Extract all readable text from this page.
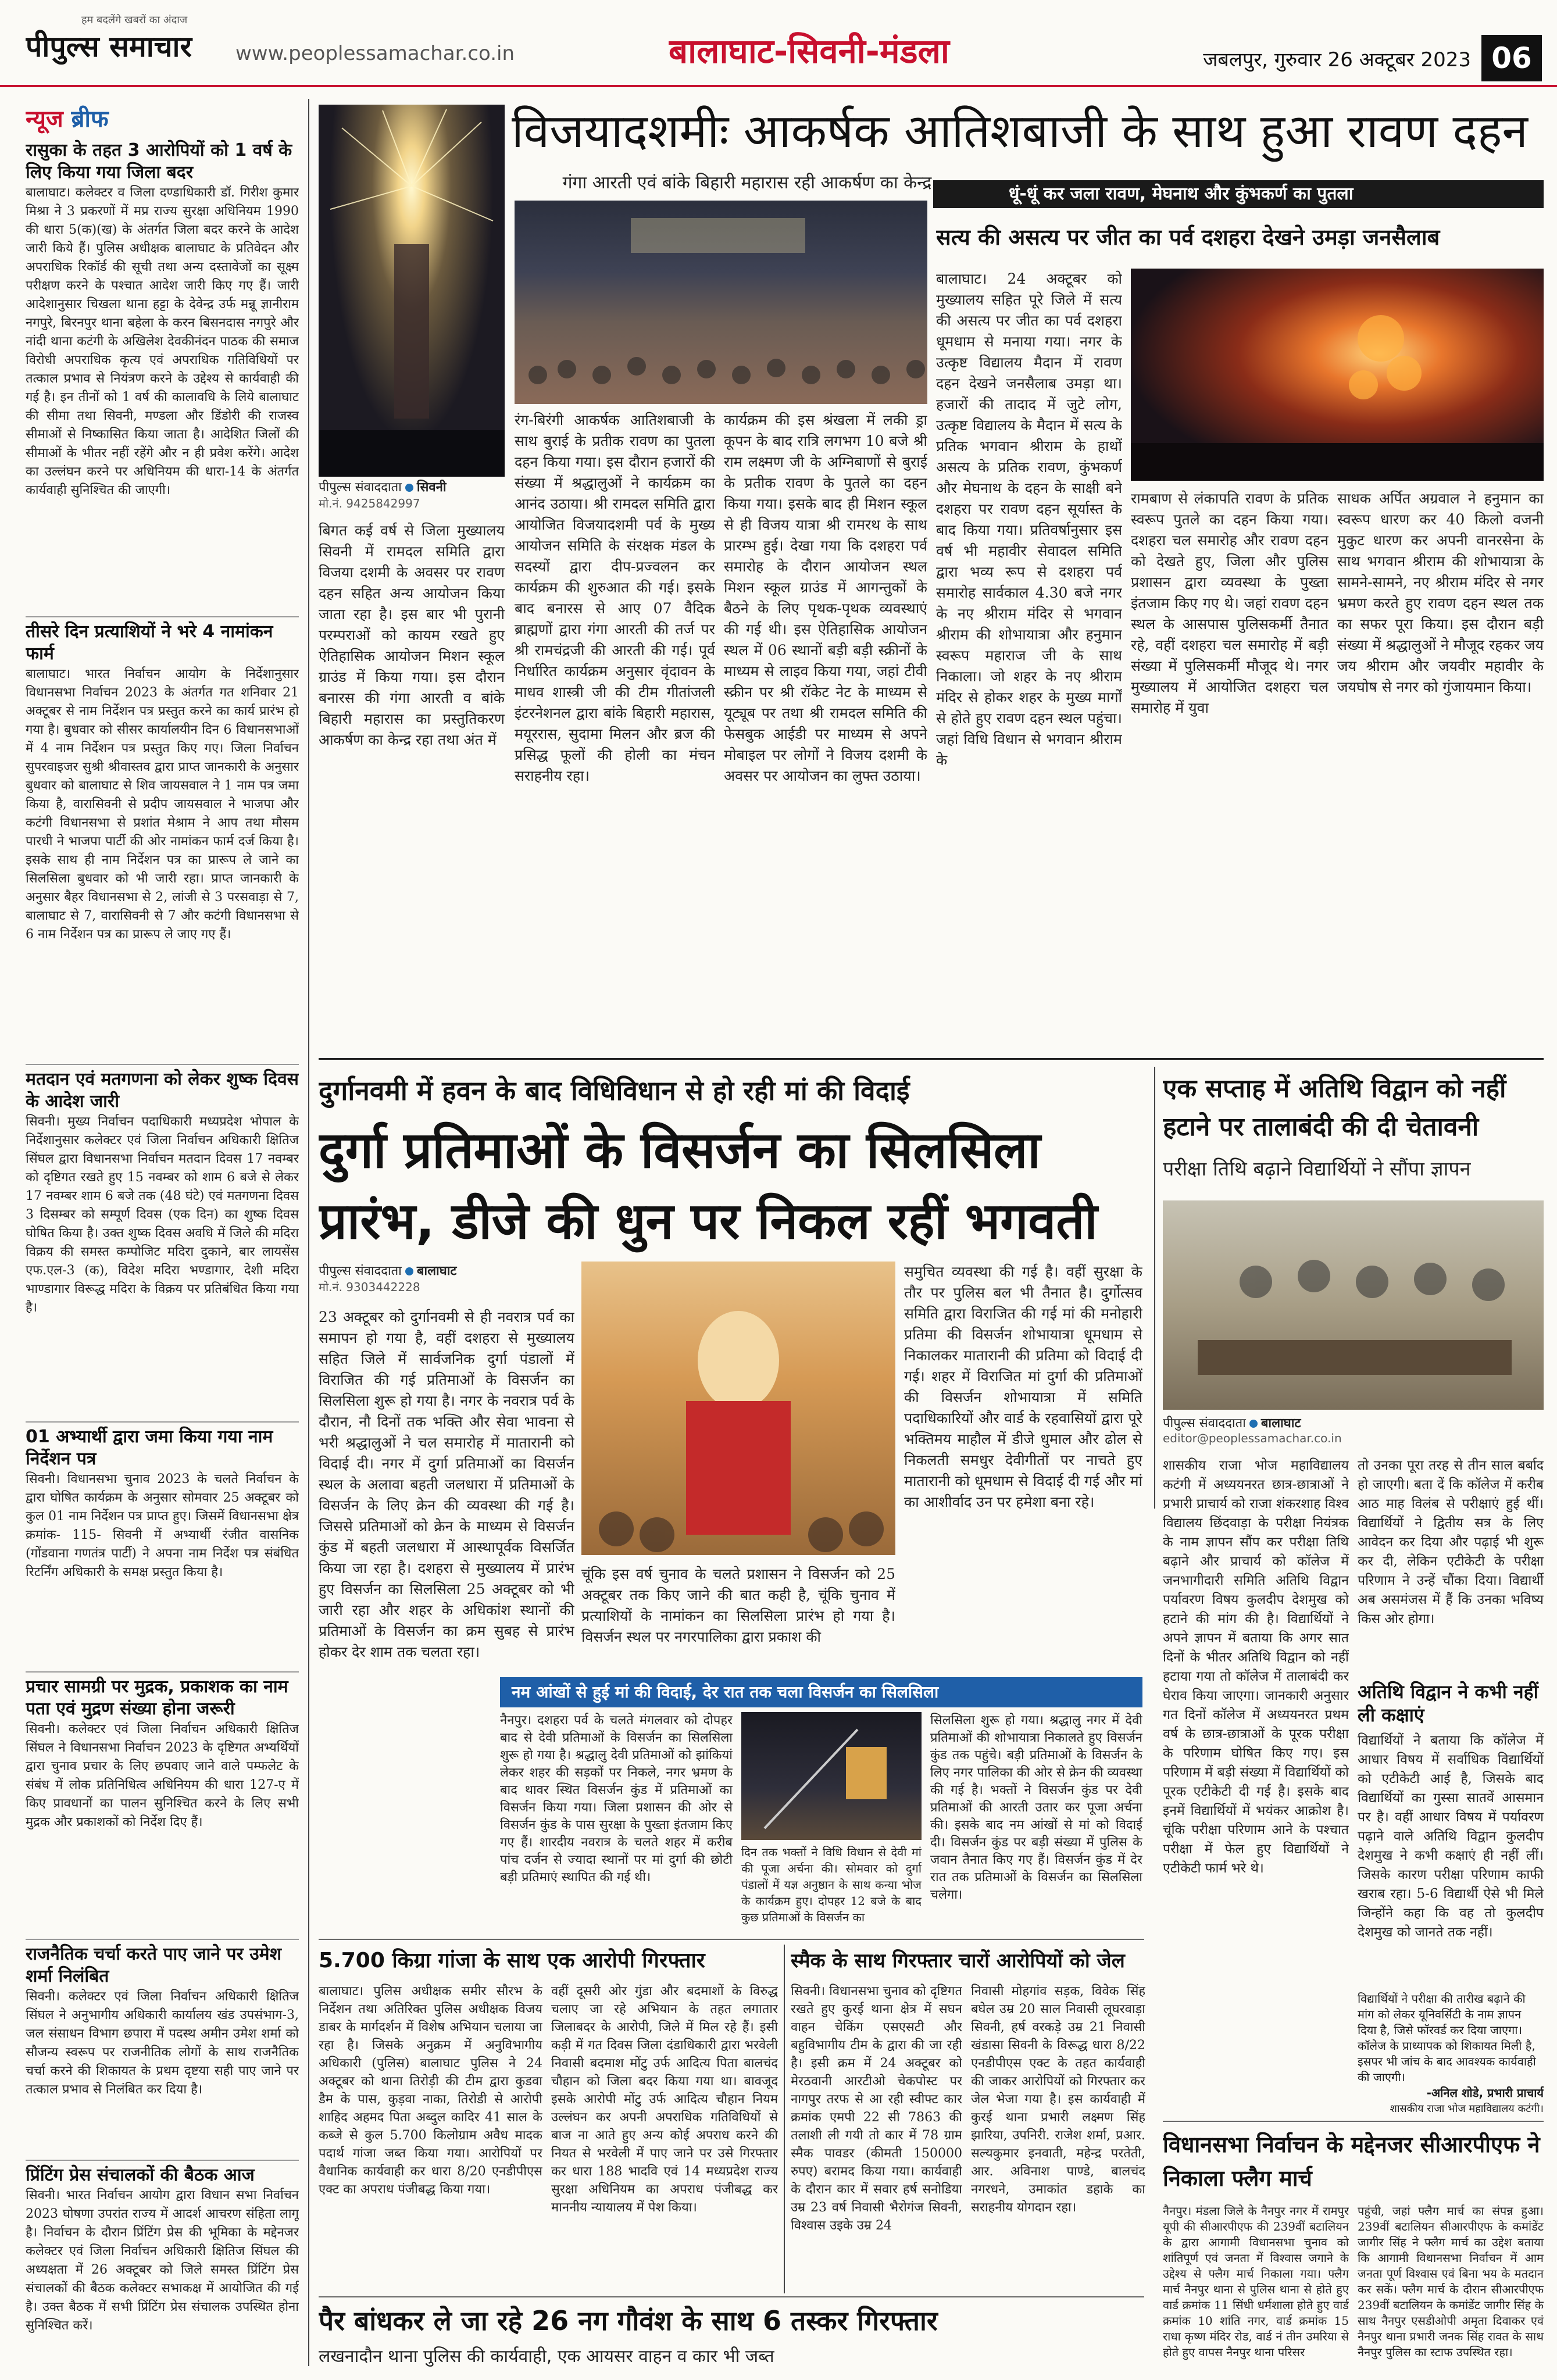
पीपुल्स समाचार
हम बदलेंगे खबरों का अंदाज
www.peoplessamachar.co.in	बालाघाट-सिवनी-मंडला	जबलपुर, गुरुवार 26 अक्टूबर 2023 06
न्यूज ब्रीफ
रासुका के तहत 3 आरोपियों को 1 वर्ष के लिए किया गया जिला बदर
बालाघाट। कलेक्टर व जिला दण्डाधिकारी डॉ. गिरीश कुमार मिश्रा ने 3 प्रकरणों में मप्र राज्य सुरक्षा अधिनियम 1990 की धारा 5(क)(ख) के अंतर्गत जिला बदर करने के आदेश जारी किये हैं। पुलिस अधीक्षक बालाघाट के प्रतिवेदन और अपराधिक रिकॉर्ड की सूची तथा अन्य दस्तावेजों का सूक्ष्म परीक्षण करने के पश्चात आदेश जारी किए गए हैं। जारी आदेशानुसार चिखला थाना हट्टा के देवेन्द्र उर्फ मन्नू ज्ञानीराम नगपुरे, बिरनपुर थाना बहेला के करन बिसनदास नगपुरे और नांदी थाना कटंगी के अखिलेश देवकीनंदन पाठक की समाज विरोधी अपराधिक कृत्य एवं अपराधिक गतिविधियों पर तत्काल प्रभाव से नियंत्रण करने के उद्देश्य से कार्यवाही की गई है। इन तीनों को 1 वर्ष की कालावधि के लिये बालाघाट की सीमा तथा सिवनी, मण्डला और डिंडोरी की राजस्व सीमाओं से निष्कासित किया जाता है। आदेशित जिलों की सीमाओं के भीतर नहीं रहेंगे और न ही प्रवेश करेंगे। आदेश का उल्लंघन करने पर अधिनियम की धारा-14 के अंतर्गत कार्यवाही सुनिश्चित की जाएगी।
तीसरे दिन प्रत्याशियों ने भरे 4 नामांकन फार्म
बालाघाट। भारत निर्वाचन आयोग के निर्देशानुसार विधानसभा निर्वाचन 2023 के अंतर्गत गत शनिवार 21 अक्टूबर से नाम निर्देशन पत्र प्रस्तुत करने का कार्य प्रारंभ हो गया है। बुधवार को सीसर कार्यालयीन दिन 6 विधानसभाओं में 4 नाम निर्देशन पत्र प्रस्तुत किए गए। जिला निर्वाचन सुपरवाइजर सुश्री श्रीवास्तव द्वारा प्राप्त जानकारी के अनुसार बुधवार को बालाघाट से शिव जायसवाल ने 1 नाम पत्र जमा किया है, वारासिवनी से प्रदीप जायसवाल ने भाजपा और कटंगी विधानसभा से प्रशांत मेश्राम ने आप तथा मौसम पारधी ने भाजपा पार्टी की ओर नामांकन फार्म दर्ज किया है। इसके साथ ही नाम निर्देशन पत्र का प्रारूप ले जाने का सिलसिला बुधवार को भी जारी रहा। प्राप्त जानकारी के अनुसार बैहर विधानसभा से 2, लांजी से 3 परसवाड़ा से 7, बालाघाट से 7, वारासिवनी से 7 और कटंगी विधानसभा से 6 नाम निर्देशन पत्र का प्रारूप ले जाए गए हैं।
मतदान एवं मतगणना को लेकर शुष्क दिवस के आदेश जारी
सिवनी। मुख्य निर्वाचन पदाधिकारी मध्यप्रदेश भोपाल के निर्देशानुसार कलेक्टर एवं जिला निर्वाचन अधिकारी क्षितिज सिंघल द्वारा विधानसभा निर्वाचन मतदान दिवस 17 नवम्बर को दृष्टिगत रखते हुए 15 नवम्बर को शाम 6 बजे से लेकर 17 नवम्बर शाम 6 बजे तक (48 घंटे) एवं मतगणना दिवस 3 दिसम्बर को सम्पूर्ण दिवस (एक दिन) का शुष्क दिवस घोषित किया है। उक्त शुष्क दिवस अवधि में जिले की मदिरा विक्रय की समस्त कम्पोजिट मदिरा दुकाने, बार लायसेंस एफ.एल-3 (क), विदेश मदिरा भण्डागार, देशी मदिरा भाण्डागार विरूद्ध मदिरा के विक्रय पर प्रतिबंधित किया गया है।
01 अभ्यार्थी द्वारा जमा किया गया नाम निर्देशन पत्र
सिवनी। विधानसभा चुनाव 2023 के चलते निर्वाचन के द्वारा घोषित कार्यक्रम के अनुसार सोमवार 25 अक्टूबर को कुल 01 नाम निर्देशन पत्र प्राप्त हुए। जिसमें विधानसभा क्षेत्र क्रमांक- 115- सिवनी में अभ्यार्थी रंजीत वासनिक (गोंडवाना गणतंत्र पार्टी) ने अपना नाम निर्देश पत्र संबंधित रिटर्निंग अधिकारी के समक्ष प्रस्तुत किया है।
प्रचार सामग्री पर मुद्रक, प्रकाशक का नाम पता एवं मुद्रण संख्या होना जरूरी
सिवनी। कलेक्टर एवं जिला निर्वाचन अधिकारी क्षितिज सिंघल ने विधानसभा निर्वाचन 2023 के दृष्टिगत अभ्यर्थियों द्वारा चुनाव प्रचार के लिए छपवाए जाने वाले पम्फलेट के संबंध में लोक प्रतिनिधित्व अधिनियम की धारा 127-ए में किए प्रावधानों का पालन सुनिश्चित करने के लिए सभी मुद्रक और प्रकाशकों को निर्देश दिए हैं।
राजनैतिक चर्चा करते पाए जाने पर उमेश शर्मा निलंबित
सिवनी। कलेक्टर एवं जिला निर्वाचन अधिकारी क्षितिज सिंघल ने अनुभागीय अधिकारी कार्यालय खंड उपसंभाग-3, जल संसाधन विभाग छपारा में पदस्थ अमीन उमेश शर्मा को सौजन्य स्वरूप पर राजनीतिक लोगों के साथ राजनैतिक चर्चा करने की शिकायत के प्रथम दृष्टया सही पाए जाने पर तत्काल प्रभाव से निलंबित कर दिया है।
प्रिंटिंग प्रेस संचालकों की बैठक आज
सिवनी। भारत निर्वाचन आयोग द्वारा विधान सभा निर्वाचन 2023 घोषणा उपरांत राज्य में आदर्श आचरण संहिता लागू है। निर्वाचन के दौरान प्रिंटिंग प्रेस की भूमिका के मद्देनजर कलेक्टर एवं जिला निर्वाचन अधिकारी क्षितिज सिंघल की अध्यक्षता में 26 अक्टूबर को जिले समस्त प्रिंटिंग प्रेस संचालकों की बैठक कलेक्टर सभाकक्ष में आयोजित की गई है। उक्त बैठक में सभी प्रिंटिंग प्रेस संचालक उपस्थित होना सुनिश्चित करें।
विजयादशमीः आकर्षक आतिशबाजी के साथ हुआ रावण दहन
पीपुल्स संवाददाता सिवनी
मो.नं. 9425842997
गंगा आरती एवं बांके बिहारी महारास रही आकर्षण का केन्द्र
धूं-धूं कर जला रावण, मेघनाथ और कुंभकर्ण का पुतला
सत्य की असत्य पर जीत का पर्व दशहरा देखने उमड़ा जनसैलाब
बिगत कई वर्ष से जिला मुख्यालय सिवनी में रामदल समिति द्वारा विजया दशमी के अवसर पर रावण दहन सहित अन्य आयोजन किया जाता रहा है। इस बार भी पुरानी परम्पराओं को कायम रखते हुए ऐतिहासिक आयोजन मिशन स्कूल ग्राउंड में किया गया। इस दौरान बनारस की गंगा आरती व बांके बिहारी महारास का प्रस्तुतिकरण आकर्षण का केन्द्र रहा तथा अंत में
रंग-बिरंगी आकर्षक आतिशबाजी के साथ बुराई के प्रतीक रावण का पुतला दहन किया गया। इस दौरान हजारों की संख्या में श्रद्धालुओं ने कार्यक्रम का आनंद उठाया। श्री रामदल समिति द्वारा आयोजित विजयादशमी पर्व के मुख्य आयोजन समिति के संरक्षक मंडल के सदस्यों द्वारा दीप-प्रज्वलन कर कार्यक्रम की शुरुआत की गई। इसके बाद बनारस से आए 07 वैदिक ब्राह्मणों द्वारा गंगा आरती की तर्ज पर श्री रामचंद्रजी की आरती की गई। पूर्व निर्धारित कार्यक्रम अनुसार वृंदावन के माधव शास्त्री जी की टीम गीतांजली इंटरनेशनल द्वारा बांके बिहारी महारास, मयूररास, सुदामा मिलन और ब्रज की प्रसिद्ध फूलों की होली का मंचन सराहनीय रहा।
कार्यक्रम की इस श्रंखला में लकी ड्रा कूपन के बाद रात्रि लगभग 10 बजे श्री राम लक्ष्मण जी के अग्निबाणों से बुराई के प्रतीक रावण के पुतले का दहन किया गया। इसके बाद ही मिशन स्कूल से ही विजय यात्रा श्री रामरथ के साथ प्रारम्भ हुई। देखा गया कि दशहरा पर्व समारोह के दौरान आयोजन स्थल मिशन स्कूल ग्राउंड में आगन्तुकों के बैठने के लिए पृथक-पृथक व्यवस्थाएं की गई थी। इस ऐतिहासिक आयोजन स्थल में 06 स्थानों बड़ी बड़ी स्क्रीनों के माध्यम से लाइव किया गया, जहां टीवी स्क्रीन पर श्री रॉकेट नेट के माध्यम से यूट्यूब पर तथा श्री रामदल समिति की फेसबुक आईडी पर माध्यम से अपने मोबाइल पर लोगों ने विजय दशमी के अवसर पर आयोजन का लुफ्त उठाया।
बालाघाट। 24 अक्टूबर को मुख्यालय सहित पूरे जिले में सत्य की असत्य पर जीत का पर्व दशहरा धूमधाम से मनाया गया। नगर के उत्कृष्ट विद्यालय मैदान में रावण दहन देखने जनसैलाब उमड़ा था। हजारों की तादाद में जुटे लोग, उत्कृष्ट विद्यालय के मैदान में सत्य के प्रतिक भगवान श्रीराम के हाथों असत्य के प्रतिक रावण, कुंभकर्ण और मेघनाथ के दहन के साक्षी बने दशहरा पर रावण दहन सूर्यास्त के बाद किया गया। प्रतिवर्षानुसार इस वर्ष भी महावीर सेवादल समिति द्वारा भव्य रूप से दशहरा पर्व समारोह सार्वकाल 4.30 बजे नगर के नए श्रीराम मंदिर से भगवान श्रीराम की शोभायात्रा और हनुमान स्वरूप महाराज जी के साथ निकाला। जो शहर के नए श्रीराम मंदिर से होकर शहर के मुख्य मार्गों से होते हुए रावण दहन स्थल पहुंचा। जहां विधि विधान से भगवान श्रीराम के
रामबाण से लंकापति रावण के प्रतिक स्वरूप पुतले का दहन किया गया। दशहरा चल समारोह और रावण दहन को देखते हुए, जिला और पुलिस प्रशासन द्वारा व्यवस्था के पुख्ता इंतजाम किए गए थे। जहां रावण दहन स्थल के आसपास पुलिसकर्मी तैनात रहे, वहीं दशहरा चल समारोह में बड़ी संख्या में पुलिसकर्मी मौजूद थे। नगर मुख्यालय में आयोजित दशहरा चल समारोह में युवा
साधक अर्पित अग्रवाल ने हनुमान का स्वरूप धारण कर 40 किलो वजनी मुकुट धारण कर अपनी वानरसेना के साथ भगवान श्रीराम की शोभायात्रा के सामने-सामने, नए श्रीराम मंदिर से नगर भ्रमण करते हुए रावण दहन स्थल तक का सफर पूरा किया। इस दौरान बड़ी संख्या में श्रद्धालुओं ने मौजूद रहकर जय जय श्रीराम और जयवीर महावीर के जयघोष से नगर को गुंजायमान किया।
दुर्गानवमी में हवन के बाद विधिविधान से हो रही मां की विदाई
दुर्गा प्रतिमाओं के विसर्जन का सिलसिला
प्रारंभ, डीजे की धुन पर निकल रहीं भगवती
पीपुल्स संवाददाता बालाघाट
मो.नं. 9303442228
23 अक्टूबर को दुर्गानवमी से ही नवरात्र पर्व का समापन हो गया है, वहीं दशहरा से मुख्यालय सहित जिले में सार्वजनिक दुर्गा पंडालों में विराजित की गई प्रतिमाओं के विसर्जन का सिलसिला शुरू हो गया है। नगर के नवरात्र पर्व के दौरान, नौ दिनों तक भक्ति और सेवा भावना से भरी श्रद्धालुओं ने चल समारोह में मातारानी को विदाई दी। नगर में दुर्गा प्रतिमाओं का विसर्जन स्थल के अलावा बहती जलधारा में प्रतिमाओं के विसर्जन के लिए क्रेन की व्यवस्था की गई है। जिससे प्रतिमाओं को क्रेन के माध्यम से विसर्जन कुंड में बहती जलधारा में आस्थापूर्वक विसर्जित किया जा रहा है। दशहरा से मुख्यालय में प्रारंभ हुए विसर्जन का सिलसिला 25 अक्टूबर को भी जारी रहा और शहर के अधिकांश स्थानों की प्रतिमाओं के विसर्जन का क्रम सुबह से प्रारंभ होकर देर शाम तक चलता रहा।
चूंकि इस वर्ष चुनाव के चलते प्रशासन ने विसर्जन को 25 अक्टूबर तक किए जाने की बात कही है, चूंकि चुनाव में प्रत्याशियों के नामांकन का सिलसिला प्रारंभ हो गया है। विसर्जन स्थल पर नगरपालिका द्वारा प्रकाश की
समुचित व्यवस्था की गई है। वहीं सुरक्षा के तौर पर पुलिस बल भी तैनात है। दुर्गोत्सव समिति द्वारा विराजित की गई मां की मनोहारी प्रतिमा की विसर्जन शोभायात्रा धूमधाम से निकालकर मातारानी की प्रतिमा को विदाई दी गई। शहर में विराजित मां दुर्गा की प्रतिमाओं की विसर्जन शोभायात्रा में समिति पदाधिकारियों और वार्ड के रहवासियों द्वारा पूरे भक्तिमय माहौल में डीजे धुमाल और ढोल से निकलती समधुर देवीगीतों पर नाचते हुए मातारानी को धूमधाम से विदाई दी गई और मां का आशीर्वाद उन पर हमेशा बना रहे।
नम आंखों से हुई मां की विदाई, देर रात तक चला विसर्जन का सिलसिला
नैनपुर। दशहरा पर्व के चलते मंगलवार को दोपहर बाद से देवी प्रतिमाओं के विसर्जन का सिलसिला शुरू हो गया है। श्रद्धालु देवी प्रतिमाओं को झांकियां लेकर शहर की सड़कों पर निकले, नगर भ्रमण के बाद थावर स्थित विसर्जन कुंड में प्रतिमाओं का विसर्जन किया गया। जिला प्रशासन की ओर से विसर्जन कुंड के पास सुरक्षा के पुख्ता इंतजाम किए गए हैं। शारदीय नवरात्र के चलते शहर में करीब पांच दर्जन से ज्यादा स्थानों पर मां दुर्गा की छोटी बड़ी प्रतिमाएं स्थापित की गई थी।
दिन तक भक्तों ने विधि विधान से देवी मां की पूजा अर्चना की। सोमवार को दुर्गा पंडालों में यज्ञ अनुष्ठान के साथ कन्या भोज के कार्यक्रम हुए। दोपहर 12 बजे के बाद कुछ प्रतिमाओं के विसर्जन का
सिलसिला शुरू हो गया। श्रद्धालु नगर में देवी प्रतिमाओं की शोभायात्रा निकालते हुए विसर्जन कुंड तक पहुंचे। बड़ी प्रतिमाओं के विसर्जन के लिए नगर पालिका की ओर से क्रेन की व्यवस्था की गई है। भक्तों ने विसर्जन कुंड पर देवी प्रतिमाओं की आरती उतार कर पूजा अर्चना की। इसके बाद नम आंखों से मां को विदाई दी। विसर्जन कुंड पर बड़ी संख्या में पुलिस के जवान तैनात किए गए हैं। विसर्जन कुंड में देर रात तक प्रतिमाओं के विसर्जन का सिलसिला चलेगा।
एक सप्ताह में अतिथि विद्वान को नहीं हटाने पर तालाबंदी की दी चेतावनी
परीक्षा तिथि बढ़ाने विद्यार्थियों ने सौंपा ज्ञापन
पीपुल्स संवाददाता बालाघाट
editor@peoplessamachar.co.in
शासकीय राजा भोज महाविद्यालय कटंगी में अध्ययनरत छात्र-छात्राओं ने प्रभारी प्राचार्य को राजा शंकरशाह विश्व विद्यालय छिंदवाड़ा के परीक्षा नियंत्रक के नाम ज्ञापन सौंप कर परीक्षा तिथि बढ़ाने और प्राचार्य को कॉलेज में जनभागीदारी समिति अतिथि विद्वान पर्यावरण विषय कुलदीप देशमुख को हटाने की मांग की है। विद्यार्थियों ने अपने ज्ञापन में बताया कि अगर सात दिनों के भीतर अतिथि विद्वान को नहीं हटाया गया तो कॉलेज में तालाबंदी कर घेराव किया जाएगा। जानकारी अनुसार गत दिनों कॉलेज में अध्ययनरत प्रथम वर्ष के छात्र-छात्राओं के पूरक परीक्षा के परिणाम घोषित किए गए। इस परिणाम में बड़ी संख्या में विद्यार्थियों को पूरक एटीकेटी दी गई है। इसके बाद इनमें विद्यार्थियों में भयंकर आक्रोश है। चूंकि परीक्षा परिणाम आने के पश्चात परीक्षा में फेल हुए विद्यार्थियों ने एटीकेटी फार्म भरे थे।
तो उनका पूरा तरह से तीन साल बर्बाद हो जाएगी। बता दें कि कॉलेज में करीब आठ माह विलंब से परीक्षाएं हुई थीं। विद्यार्थियों ने द्वितीय सत्र के लिए आवेदन कर दिया और पढ़ाई भी शुरू कर दी, लेकिन एटीकेटी के परीक्षा परिणाम ने उन्हें चौंका दिया। विद्यार्थी अब असमंजस में हैं कि उनका भविष्य किस ओर होगा।
अतिथि विद्वान ने कभी नहीं ली कक्षाएं
विद्यार्थियों ने बताया कि कॉलेज में आधार विषय में सर्वाधिक विद्यार्थियों को एटीकेटी आई है, जिसके बाद विद्यार्थियों का गुस्सा सातवें आसमान पर है। वहीं आधार विषय में पर्यावरण पढ़ाने वाले अतिथि विद्वान कुलदीप देशमुख ने कभी कक्षाएं ही नहीं लीं। जिसके कारण परीक्षा परिणाम काफी खराब रहा। 5-6 विद्यार्थी ऐसे भी मिले जिन्होंने कहा कि वह तो कुलदीप देशमुख को जानते तक नहीं।
विद्यार्थियों ने परीक्षा की तारीख बढ़ाने की मांग को लेकर यूनिवर्सिटी के नाम ज्ञापन दिया है, जिसे फॉरवर्ड कर दिया जाएगा। कॉलेज के प्राध्यापक को शिकायत मिली है, इसपर भी जांच के बाद आवश्यक कार्यवाही की जाएगी।
-अनिल शोडे, प्रभारी प्राचार्य
शासकीय राजा भोज महाविद्यालय कटंगी।
5.700 किग्रा गांजा के साथ एक आरोपी गिरफ्तार
बालाघाट। पुलिस अधीक्षक समीर सौरभ के निर्देशन तथा अतिरिक्त पुलिस अधीक्षक विजय डाबर के मार्गदर्शन में विशेष अभियान चलाया जा रहा है। जिसके अनुक्रम में अनुविभागीय अधिकारी (पुलिस) बालाघाट पुलिस ने 24 अक्टूबर को थाना तिरोड़ी की टीम द्वारा कुडवा डैम के पास, कुड़वा नाका, तिरोडी से आरोपी शाहिद अहमद पिता अब्दुल कादिर 41 साल के कब्जे से कुल 5.700 किलोग्राम अवैध मादक पदार्थ गांजा जब्त किया गया। आरोपियों पर वैधानिक कार्यवाही कर धारा 8/20 एनडीपीएस एक्ट का अपराध पंजीबद्ध किया गया।
वहीं दूसरी ओर गुंडा और बदमाशों के विरुद्ध चलाए जा रहे अभियान के तहत लगातार जिलाबदर के आरोपी, जिले में मिल रहे हैं। इसी कड़ी में गत दिवस जिला दंडाधिकारी द्वारा भरवेली निवासी बदमाश मोंटु उर्फ आदित्य पिता बालचंद चौहान को जिला बदर किया गया था। बावजूद इसके आरोपी मोंटु उर्फ आदित्य चौहान नियम उल्लंघन कर अपनी अपराधिक गतिविधियों से बाज ना आते हुए अन्य कोई अपराध करने की नियत से भरवेली में पाए जाने पर उसे गिरफ्तार कर धारा 188 भादवि एवं 14 मध्यप्रदेश राज्य सुरक्षा अधिनियम का अपराध पंजीबद्ध कर माननीय न्यायालय में पेश किया।
स्मैक के साथ गिरफ्तार चारों आरोपियों को जेल
सिवनी। विधानसभा चुनाव को दृष्टिगत रखते हुए कुरई थाना क्षेत्र में सघन वाहन चेकिंग एसएसटी और बहुविभागीय टीम के द्वारा की जा रही है। इसी क्रम में 24 अक्टूबर को मेरठवानी आरटीओ चेकपोस्ट पर नागपुर तरफ से आ रही स्वीफ्ट कार क्रमांक एमपी 22 सी 7863 की तलाशी ली गयी तो कार में 78 ग्राम स्मैक पावडर (कीमती 150000 रुपए) बरामद किया गया। कार्यवाही के दौरान कार में सवार हर्ष सनोडिया उम्र 23 वर्ष निवासी भैरोगंज सिवनी, विश्वास उइके उम्र 24
निवासी मोहगांव सड़क, विवेक सिंह बघेल उम्र 20 साल निवासी लूघरवाड़ा सिवनी, हर्ष वरकड़े उम्र 21 निवासी खंडासा सिवनी के विरूद्ध धारा 8/22 एनडीपीएस एक्ट के तहत कार्यवाही की जाकर आरोपियों को गिरफ्तार कर जेल भेजा गया है। इस कार्यवाही में कुरई थाना प्रभारी लक्ष्मण सिंह झारिया, उपनिरी. राजेश शर्मा, प्रआर. सल्यकुमार इनवाती, महेन्द्र परतेती, आर. अविनाश पाण्डे, बालचंद नगरधने, उमाकांत डहाके का सराहनीय योगदान रहा।
विधानसभा निर्वाचन के मद्देनजर सीआरपीएफ ने निकाला फ्लैग मार्च
नैनपुर। मंडला जिले के नैनपुर नगर में रामपुर यूपी की सीआरपीएफ की 239वीं बटालियन के द्वारा आगामी विधानसभा चुनाव को शांतिपूर्ण एवं जनता में विश्वास जगाने के उद्देश्य से फ्लैग मार्च निकाला गया। फ्लैग मार्च नैनपुर थाना से पुलिस थाना से होते हुए वार्ड क्रमांक 11 सिंधी धर्मशाला होते हुए वार्ड क्रमांक 10 शांति नगर, वार्ड क्रमांक 15 राधा कृष्ण मंदिर रोड, वार्ड नं तीन उमरिया से होते हुए वापस नैनपुर थाना परिसर
पहुंची, जहां फ्लैग मार्च का संपन्न हुआ। 239वीं बटालियन सीआरपीएफ के कमांडेंट जागीर सिंह ने फ्लैग मार्च का उद्देश बताया कि आगामी विधानसभा निर्वाचन में आम जनता पूर्ण विश्वास एवं बिना भय के मतदान कर सकें। फ्लैग मार्च के दौरान सीआरपीएफ 239वीं बटालियन के कमांडेंट जागीर सिंह के साथ नैनपुर एसडीओपी अमृता दिवाकर एवं नैनपुर थाना प्रभारी जनक सिंह रावत के साथ नैनपुर पुलिस का स्टाफ उपस्थित रहा।
पैर बांधकर ले जा रहे 26 नग गौवंश के साथ 6 तस्कर गिरफ्तार
लखनादौन थाना पुलिस की कार्यवाही, एक आयसर वाहन व कार भी जब्त
